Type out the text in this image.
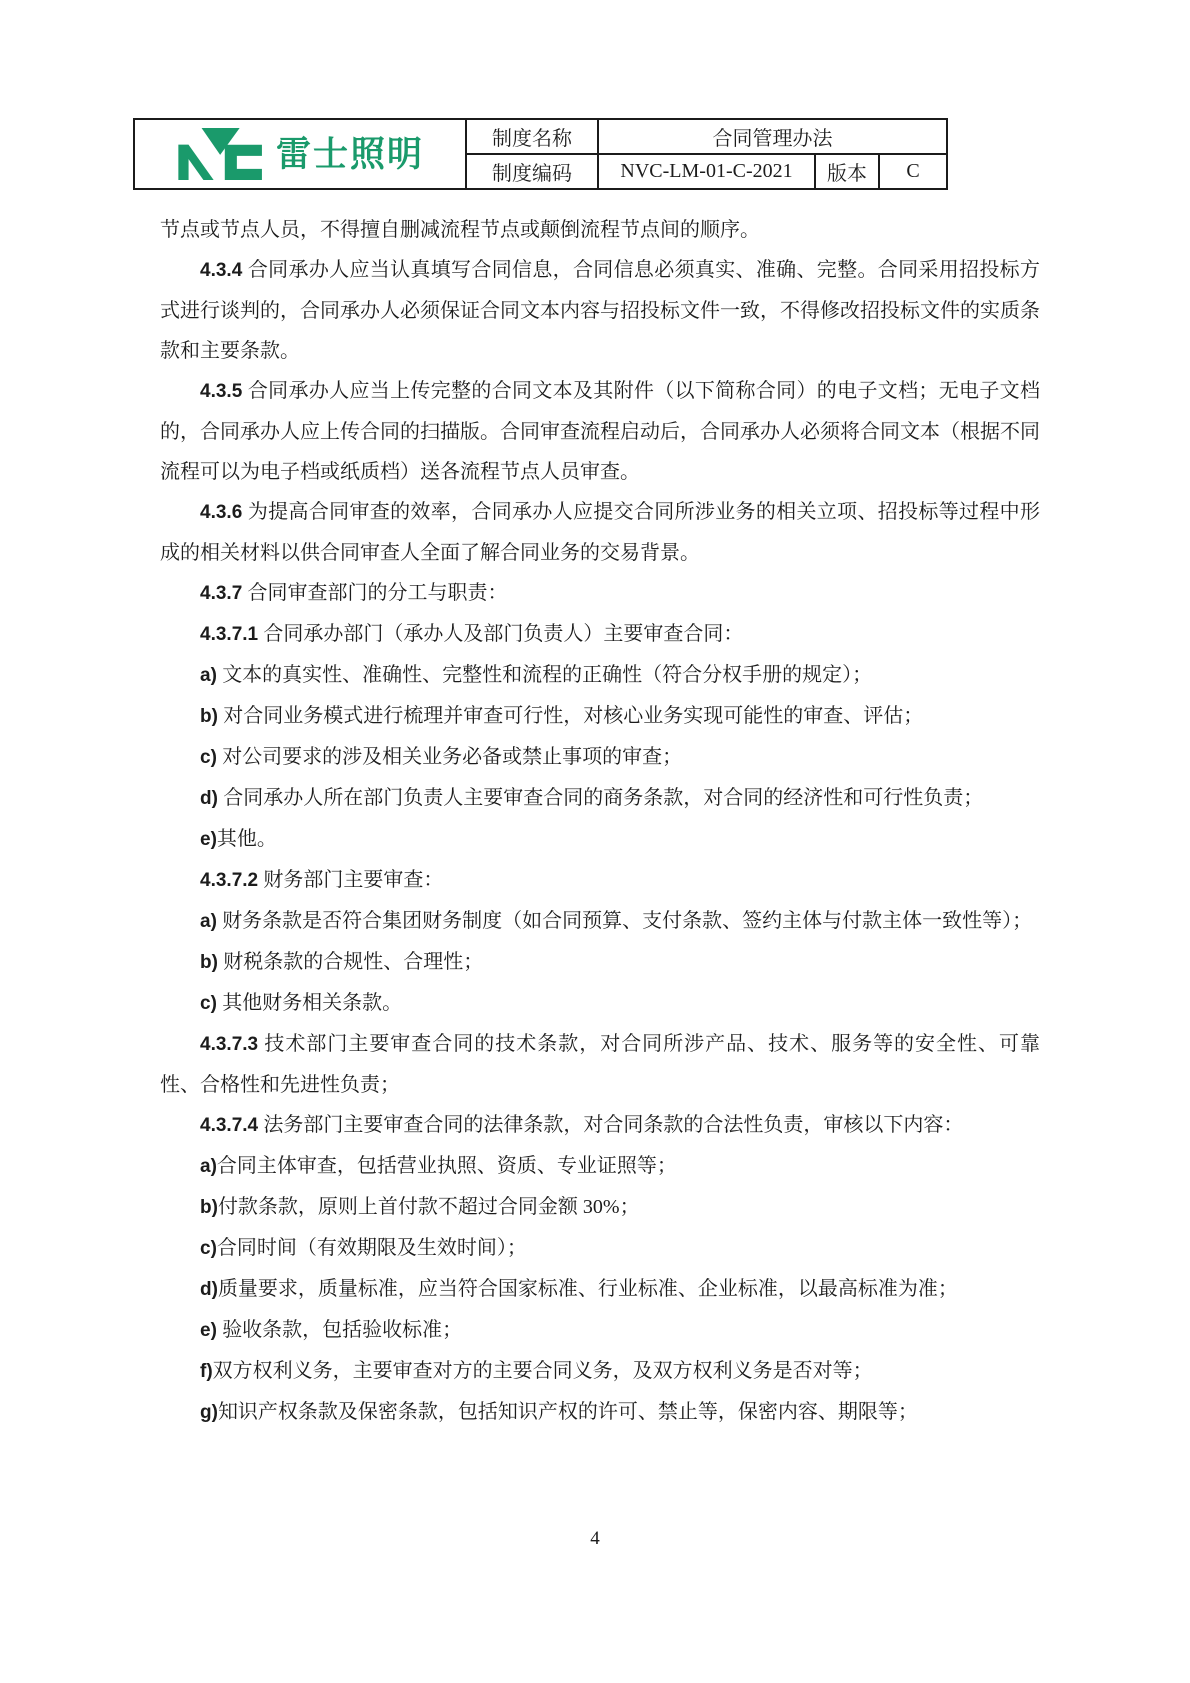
雷士照明	制度名称	合同管理办法		
	制度编码	NVC-LM-01-C-2021	版本	C

节点或节点人员，不得擅自删减流程节点或颠倒流程节点间的顺序。

4.3.4 合同承办人应当认真填写合同信息，合同信息必须真实、准确、完整。合同采用招投标方式进行谈判的，合同承办人必须保证合同文本内容与招投标文件一致，不得修改招投标文件的实质条款和主要条款。

4.3.5 合同承办人应当上传完整的合同文本及其附件（以下简称合同）的电子文档；无电子文档的，合同承办人应上传合同的扫描版。合同审查流程启动后，合同承办人必须将合同文本（根据不同流程可以为电子档或纸质档）送各流程节点人员审查。

4.3.6 为提高合同审查的效率，合同承办人应提交合同所涉业务的相关立项、招投标等过程中形成的相关材料以供合同审查人全面了解合同业务的交易背景。

4.3.7 合同审查部门的分工与职责：

4.3.7.1 合同承办部门（承办人及部门负责人）主要审查合同：

a) 文本的真实性、准确性、完整性和流程的正确性（符合分权手册的规定）；

b) 对合同业务模式进行梳理并审查可行性，对核心业务实现可能性的审查、评估；

c) 对公司要求的涉及相关业务必备或禁止事项的审查；

d) 合同承办人所在部门负责人主要审查合同的商务条款，对合同的经济性和可行性负责；

e)其他。

4.3.7.2 财务部门主要审查：

a) 财务条款是否符合集团财务制度（如合同预算、支付条款、签约主体与付款主体一致性等）；

b) 财税条款的合规性、合理性；

c) 其他财务相关条款。

4.3.7.3 技术部门主要审查合同的技术条款，对合同所涉产品、技术、服务等的安全性、可靠性、合格性和先进性负责；

4.3.7.4 法务部门主要审查合同的法律条款，对合同条款的合法性负责，审核以下内容：

a)合同主体审查，包括营业执照、资质、专业证照等；

b)付款条款，原则上首付款不超过合同金额 30%；

c)合同时间（有效期限及生效时间）；

d)质量要求，质量标准，应当符合国家标准、行业标准、企业标准，以最高标准为准；

e) 验收条款，包括验收标准；

f)双方权利义务，主要审查对方的主要合同义务，及双方权利义务是否对等；

g)知识产权条款及保密条款，包括知识产权的许可、禁止等，保密内容、期限等；

4
